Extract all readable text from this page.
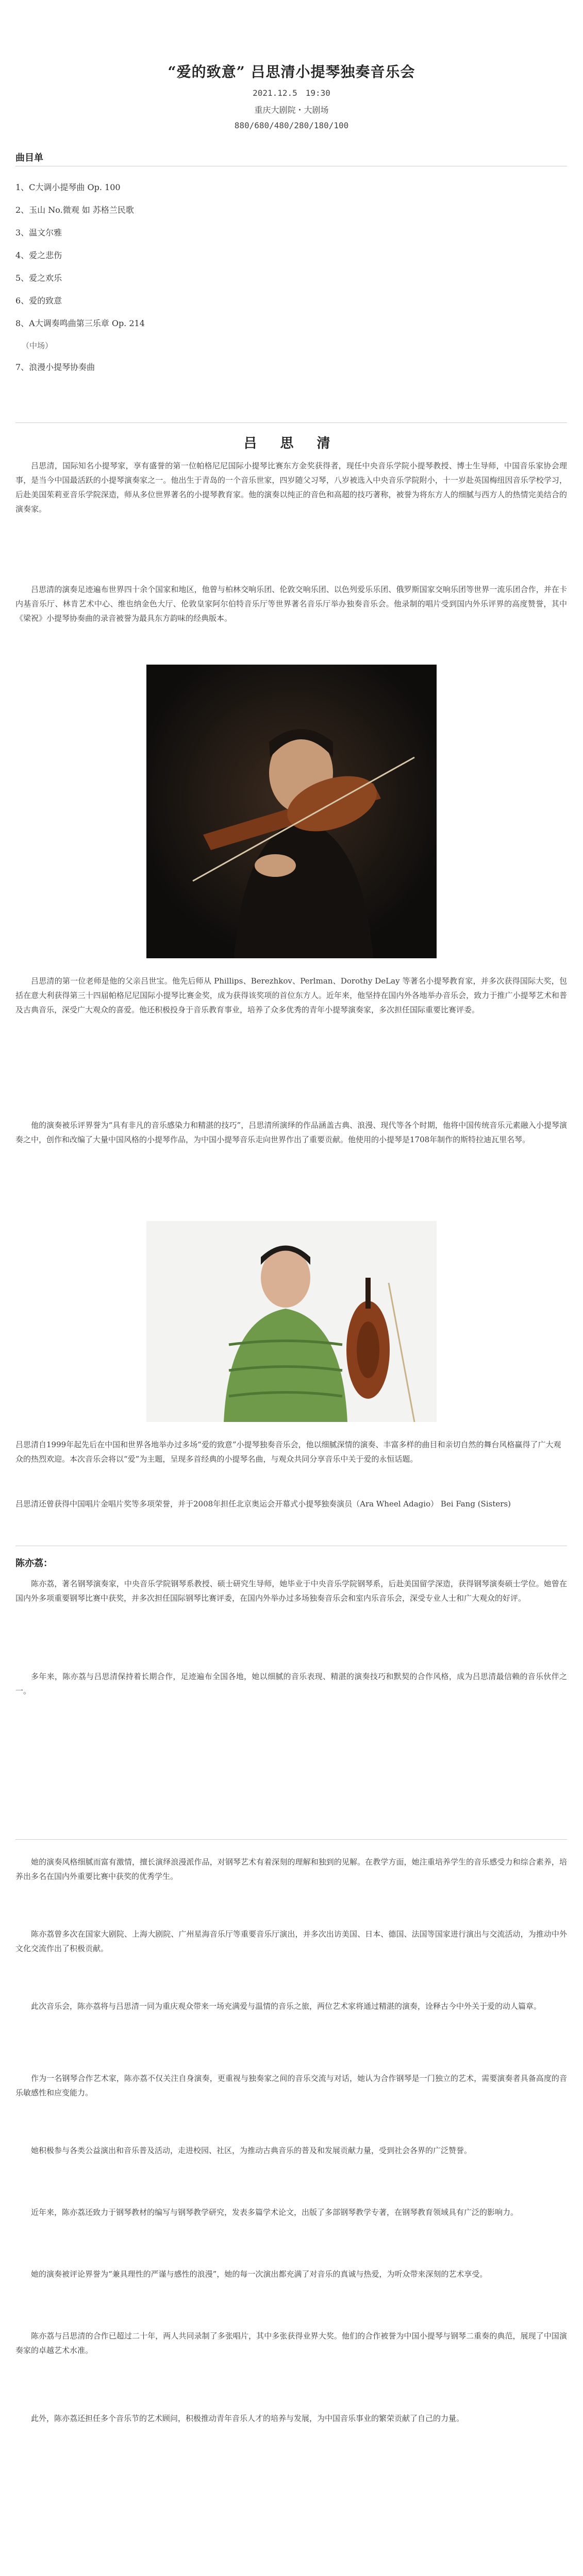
“爱的致意” 吕思清小提琴独奏音乐会
2021.12.5　19:30
重庆大剧院・大剧场
880/680/480/280/180/100
曲目单
1、C大调小提琴曲 Op. 100
2、玉山 No.微观 如 苏格兰民歌
3、温文尔雅
4、爱之悲伤
5、爱之欢乐
6、爱的致意
8、A大调奏鸣曲第三乐章 Op. 214
（中场）
7、浪漫小提琴协奏曲
吕 思 清
吕思清，国际知名小提琴家，享有盛誉的第一位帕格尼尼国际小提琴比赛东方金奖获得者，现任中央音乐学院小提琴教授、博士生导师，中国音乐家协会理事，是当今中国最活跃的小提琴演奏家之一。他出生于青岛的一个音乐世家，四岁随父习琴，八岁被选入中央音乐学院附小，十一岁赴英国梅纽因音乐学校学习，后赴美国茱莉亚音乐学院深造，师从多位世界著名的小提琴教育家。他的演奏以纯正的音色和高超的技巧著称，被誉为将东方人的细腻与西方人的热情完美结合的演奏家。
吕思清的演奏足迹遍布世界四十余个国家和地区，他曾与柏林交响乐团、伦敦交响乐团、以色列爱乐乐团、俄罗斯国家交响乐团等世界一流乐团合作，并在卡内基音乐厅、林肯艺术中心、维也纳金色大厅、伦敦皇家阿尔伯特音乐厅等世界著名音乐厅举办独奏音乐会。他录制的唱片受到国内外乐评界的高度赞誉，其中《梁祝》小提琴协奏曲的录音被誉为最具东方韵味的经典版本。
吕思清的第一位老师是他的父亲吕世宝。他先后师从 Phillips、Berezhkov、Perlman、Dorothy DeLay 等著名小提琴教育家，并多次获得国际大奖，包括在意大利获得第三十四届帕格尼尼国际小提琴比赛金奖，成为获得该奖项的首位东方人。近年来，他坚持在国内外各地举办音乐会，致力于推广小提琴艺术和普及古典音乐，深受广大观众的喜爱。他还积极投身于音乐教育事业，培养了众多优秀的青年小提琴演奏家，多次担任国际重要比赛评委。
他的演奏被乐评界誉为“具有非凡的音乐感染力和精湛的技巧”，吕思清所演绎的作品涵盖古典、浪漫、现代等各个时期，他将中国传统音乐元素融入小提琴演奏之中，创作和改编了大量中国风格的小提琴作品，为中国小提琴音乐走向世界作出了重要贡献。他使用的小提琴是1708年制作的斯特拉迪瓦里名琴。
吕思清自1999年起先后在中国和世界各地举办过多场“爱的致意”小提琴独奏音乐会，他以细腻深情的演奏、丰富多样的曲目和亲切自然的舞台风格赢得了广大观众的热烈欢迎。本次音乐会将以“爱”为主题，呈现多首经典的小提琴名曲，与观众共同分享音乐中关于爱的永恒话题。
吕思清还曾获得中国唱片金唱片奖等多项荣誉，并于2008年担任北京奥运会开幕式小提琴独奏演员（Ara Wheel Adagio） Bei Fang (Sisters)
陈亦荔：
陈亦荔，著名钢琴演奏家，中央音乐学院钢琴系教授、硕士研究生导师，她毕业于中央音乐学院钢琴系，后赴美国留学深造，获得钢琴演奏硕士学位。她曾在国内外多项重要钢琴比赛中获奖，并多次担任国际钢琴比赛评委，在国内外举办过多场独奏音乐会和室内乐音乐会，深受专业人士和广大观众的好评。
多年来，陈亦荔与吕思清保持着长期合作，足迹遍布全国各地，她以细腻的音乐表现、精湛的演奏技巧和默契的合作风格，成为吕思清最信赖的音乐伙伴之一。
她的演奏风格细腻而富有激情，擅长演绎浪漫派作品，对钢琴艺术有着深刻的理解和独到的见解。在教学方面，她注重培养学生的音乐感受力和综合素养，培养出多名在国内外重要比赛中获奖的优秀学生。
陈亦荔曾多次在国家大剧院、上海大剧院、广州星海音乐厅等重要音乐厅演出，并多次出访美国、日本、德国、法国等国家进行演出与交流活动，为推动中外文化交流作出了积极贡献。
此次音乐会，陈亦荔将与吕思清一同为重庆观众带来一场充满爱与温情的音乐之旅，两位艺术家将通过精湛的演奏，诠释古今中外关于爱的动人篇章。
作为一名钢琴合作艺术家，陈亦荔不仅关注自身演奏，更重视与独奏家之间的音乐交流与对话，她认为合作钢琴是一门独立的艺术，需要演奏者具备高度的音乐敏感性和应变能力。
她积极参与各类公益演出和音乐普及活动，走进校园、社区，为推动古典音乐的普及和发展贡献力量，受到社会各界的广泛赞誉。
近年来，陈亦荔还致力于钢琴教材的编写与钢琴教学研究，发表多篇学术论文，出版了多部钢琴教学专著，在钢琴教育领域具有广泛的影响力。
她的演奏被评论界誉为“兼具理性的严谨与感性的浪漫”，她的每一次演出都充满了对音乐的真诚与热爱，为听众带来深刻的艺术享受。
陈亦荔与吕思清的合作已超过二十年，两人共同录制了多张唱片，其中多张获得业界大奖。他们的合作被誉为中国小提琴与钢琴二重奏的典范，展现了中国演奏家的卓越艺术水准。
此外，陈亦荔还担任多个音乐节的艺术顾问，积极推动青年音乐人才的培养与发展，为中国音乐事业的繁荣贡献了自己的力量。
